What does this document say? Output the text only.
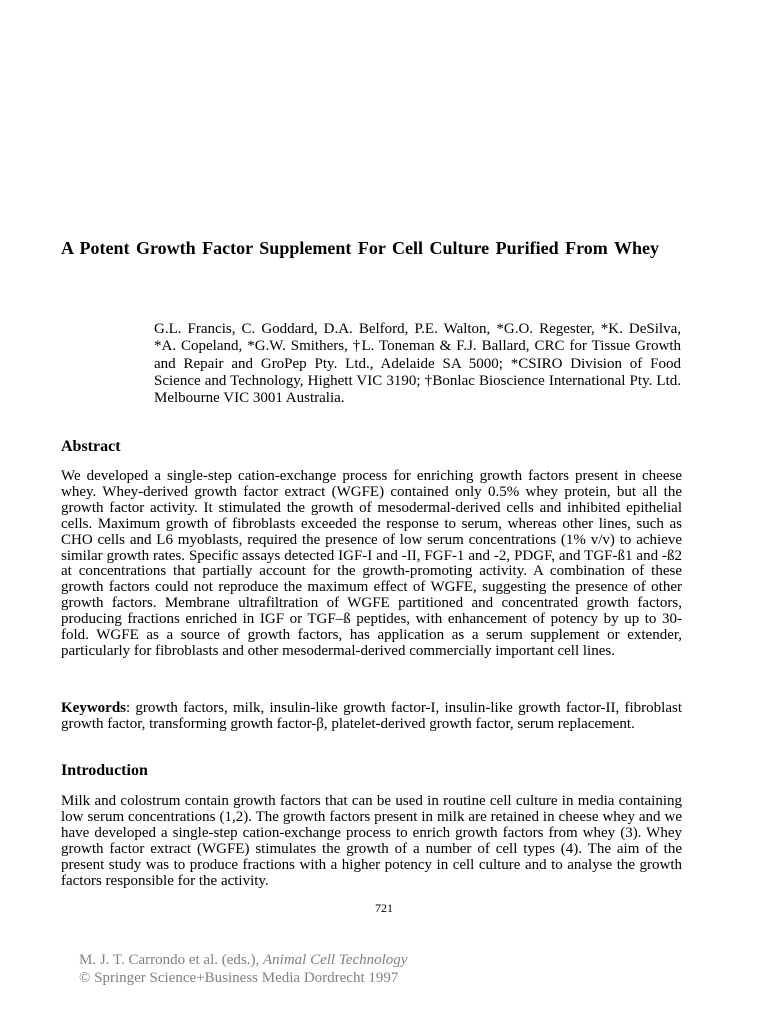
A Potent Growth Factor Supplement For Cell Culture Purified From Whey
G.L. Francis, C. Goddard, D.A. Belford, P.E. Walton, *G.O. Regester, *K. DeSilva, *A. Copeland, *G.W. Smithers, †L. Toneman & F.J. Ballard, CRC for Tissue Growth and Repair and GroPep Pty. Ltd., Adelaide SA 5000; *CSIRO Division of Food Science and Technology, Highett VIC 3190; †Bonlac Bioscience International Pty. Ltd. Melbourne VIC 3001 Australia.
Abstract
We developed a single-step cation-exchange process for enriching growth factors present in cheese whey. Whey-derived growth factor extract (WGFE) contained only 0.5% whey protein, but all the growth factor activity. It stimulated the growth of mesodermal-derived cells and inhibited epithelial cells. Maximum growth of fibroblasts exceeded the response to serum, whereas other lines, such as CHO cells and L6 myoblasts, required the presence of low serum concentrations (1% v/v) to achieve similar growth rates. Specific assays detected IGF-I and -II, FGF-1 and -2, PDGF, and TGF-ß1 and -ß2 at concentrations that partially account for the growth-promoting activity. A combination of these growth factors could not reproduce the maximum effect of WGFE, suggesting the presence of other growth factors. Membrane ultrafiltration of WGFE partitioned and concentrated growth factors, producing fractions enriched in IGF or TGF–ß peptides, with enhancement of potency by up to 30-fold. WGFE as a source of growth factors, has application as a serum supplement or extender, particularly for fibroblasts and other mesodermal-derived commercially important cell lines.
Keywords: growth factors, milk, insulin-like growth factor-I, insulin-like growth factor-II, fibroblast growth factor, transforming growth factor-β, platelet-derived growth factor, serum replacement.
Introduction
Milk and colostrum contain growth factors that can be used in routine cell culture in media containing low serum concentrations (1,2). The growth factors present in milk are retained in cheese whey and we have developed a single-step cation-exchange process to enrich growth factors from whey (3). Whey growth factor extract (WGFE) stimulates the growth of a number of cell types (4). The aim of the present study was to produce fractions with a higher potency in cell culture and to analyse the growth factors responsible for the activity.
721
M. J. T. Carrondo et al. (eds.), Animal Cell Technology
© Springer Science+Business Media Dordrecht 1997
